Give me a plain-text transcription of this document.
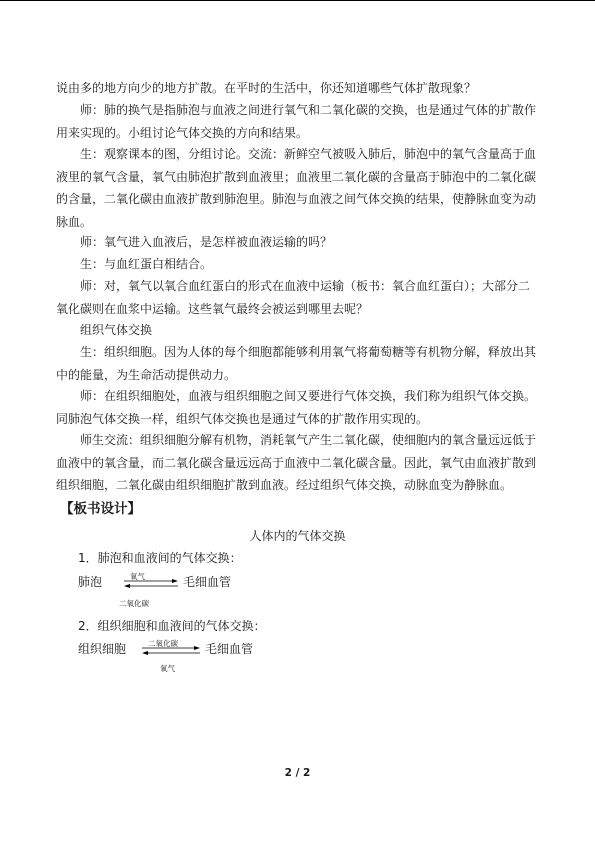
说由多的地方向少的地方扩散。在平时的生活中，你还知道哪些气体扩散现象？

师：肺的换气是指肺泡与血液之间进行氧气和二氧化碳的交换，也是通过气体的扩散作用来实现的。小组讨论气体交换的方向和结果。

生：观察课本的图，分组讨论。交流：新鲜空气被吸入肺后，肺泡中的氧气含量高于血液里的氧气含量，氧气由肺泡扩散到血液里；血液里二氧化碳的含量高于肺泡中的二氧化碳的含量，二氧化碳由血液扩散到肺泡里。肺泡与血液之间气体交换的结果，使静脉血变为动脉血。

师：氧气进入血液后，是怎样被血液运输的吗？

生：与血红蛋白相结合。

师：对，氧气以氧合血红蛋白的形式在血液中运输（板书：氧合血红蛋白）；大部分二氧化碳则在血浆中运输。这些氧气最终会被运到哪里去呢？

组织气体交换

生：组织细胞。因为人体的每个细胞都能够利用氧气将葡萄糖等有机物分解，释放出其中的能量，为生命活动提供动力。

师：在组织细胞处，血液与组织细胞之间又要进行气体交换，我们称为组织气体交换。同肺泡气体交换一样，组织气体交换也是通过气体的扩散作用实现的。

师生交流：组织细胞分解有机物，消耗氧气产生二氧化碳，使细胞内的氧含量远远低于血液中的氧含量，而二氧化碳含量远远高于血液中二氧化碳含量。因此，氧气由血液扩散到组织细胞，二氧化碳由组织细胞扩散到血液。经过组织气体交换，动脉血变为静脉血。

【板书设计】

人体内的气体交换
1．肺泡和血液间的气体交换：
肺泡	氧气	毛细血管
二氧化碳
2．组织细胞和血液间的气体交换：
组织细胞	二氧化碳 毛细血管
氧气
2 / 2
